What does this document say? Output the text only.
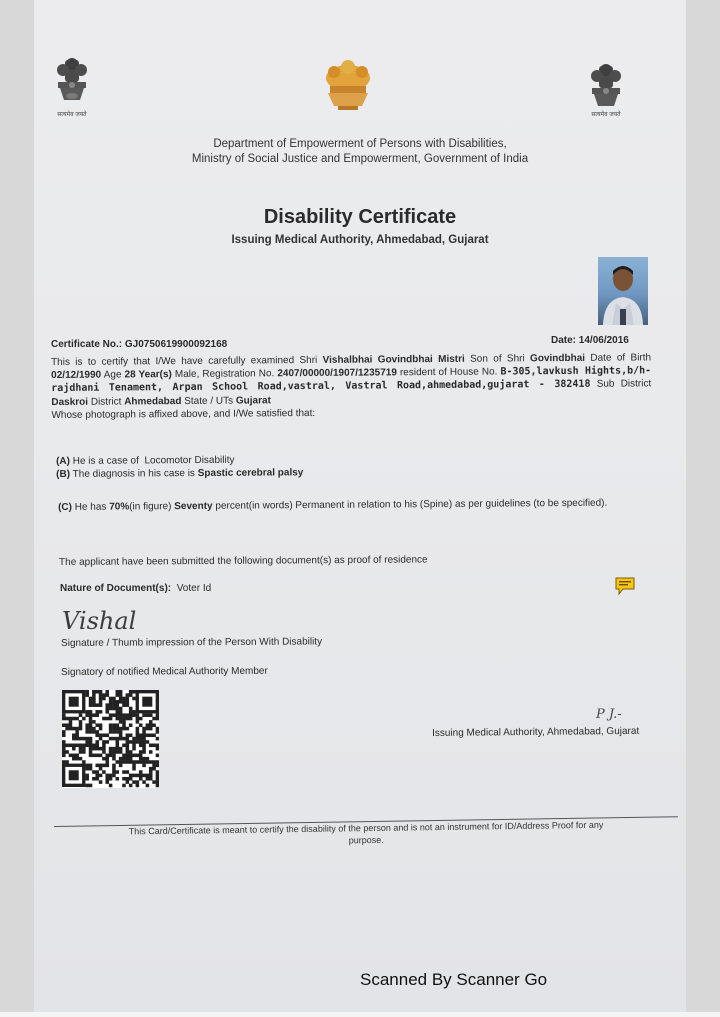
सत्यमेव जयते	सत्यमेव जयते
Department of Empowerment of Persons with Disabilities,
Ministry of Social Justice and Empowerment, Government of India
Disability Certificate
Issuing Medical Authority, Ahmedabad, Gujarat
Certificate No.: GJ0750619900092168	Date: 14/06/2016
This is to certify that I/We have carefully examined Shri Vishalbhai Govindbhai Mistri Son of Shri Govindbhai Date of Birth 02/12/1990 Age 28 Year(s) Male, Registration No. 2407/00000/1907/1235719 resident of House No. B-305,lavkush Hights,b/h-rajdhani Tenament, Arpan School Road,vastral, Vastral Road,ahmedabad,gujarat - 382418 Sub District Daskroi District Ahmedabad State / UTs Gujarat
Whose photograph is affixed above, and I/We satisfied that:
(A) He is a case of Locomotor Disability
(B) The diagnosis in his case is Spastic cerebral palsy
(C) He has 70%(in figure) Seventy percent(in words) Permanent in relation to his (Spine) as per guidelines (to be specified).
The applicant have been submitted the following document(s) as proof of residence
Nature of Document(s): Voter Id
Vishal
Signature / Thumb impression of the Person With Disability
Signatory of notified Medical Authority Member
P J.-
Issuing Medical Authority, Ahmedabad, Gujarat
This Card/Certificate is meant to certify the disability of the person and is not an instrument for ID/Address Proof for any
purpose.
Scanned By Scanner Go
